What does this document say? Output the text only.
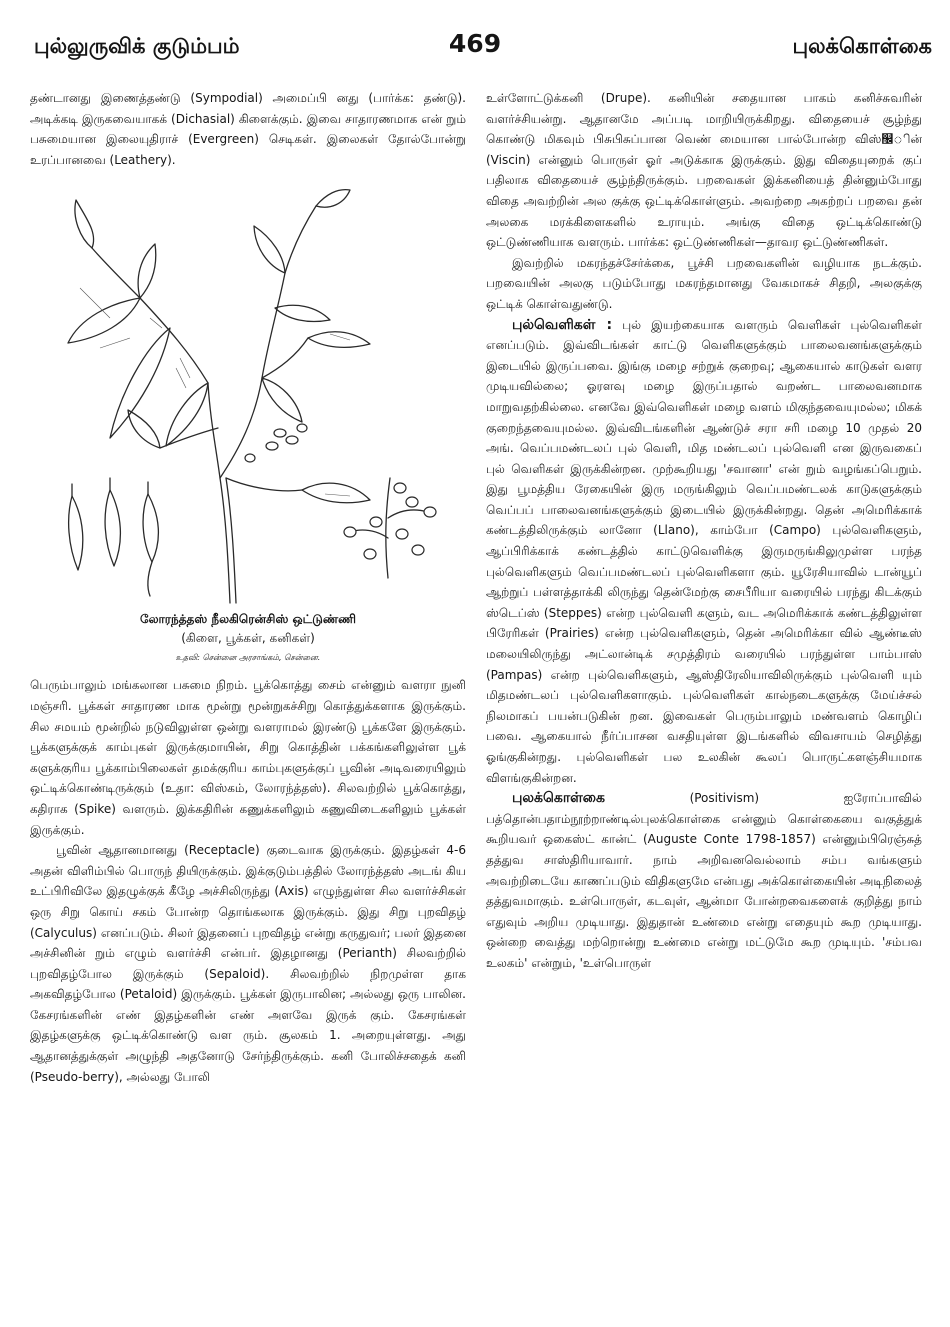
புல்லுருவிக் குடும்பம்	469	புலக்கொள்கை

தண்டானது இணைத்தண்டு (Sympodial) அமைப்பி னது (பார்க்க: தண்டு). அடிக்கடி இருகவையாகக் (Dichasial) கிளைக்கும். இவை சாதாரணமாக என் றும் பசுமையான இலையுதிராச் (Evergreen) செடிகள். இலைகள் தோல்போன்று உரப்பானவை (Leathery).

லோரந்த்தஸ் நீலகிரென்சிஸ் ஒட்டுண்ணி
(கிளை, பூக்கள், கனிகள்)
உதவி: சென்னை அரசாங்கம், சென்னை.

பெரும்பாலும் மங்கலான பசுமை நிறம். பூக்கொத்து சைம் என்னும் வளரா நுனி மஞ்சரி. பூக்கள் சாதாரண மாக மூன்று மூன்றுகச்சிறு கொத்துக்களாக இருக்கும். சில சமயம் மூன்றில் நடுவிலுள்ள ஒன்று வளராமல் இரண்டு பூக்களே இருக்கும். பூக்களுக்குக் காம்புகள் இருக்குமாயின், சிறு கொத்தின் பக்கங்களிலுள்ள பூக் களுக்குரிய பூக்காம்பிலைகள் தமக்குரிய காம்புகளுக்குப் பூவின் அடிவரையிலும் ஒட்டிக்கொண்டிருக்கும் (உதா: விஸ்கம், லோரந்த்தஸ்). சிலவற்றில் பூக்கொத்து, கதிராக (Spike) வளரும். இக்கதிரின் கணுக்களிலும் கணுவிடைகளிலும் பூக்கள் இருக்கும்.

பூவின் ஆதானமானது (Receptacle) குடைவாக இருக்கும். இதழ்கள் 4-6 அதன் விளிம்பில் பொருந் தியிருக்கும். இக்குடும்பத்தில் லோரந்த்தஸ் அடங் கிய உட்பிரிவிலே இதழுக்குக் கீழே அச்சிலிருந்து (Axis) எழுந்துள்ள சில வளர்ச்சிகள் ஒரு சிறு கொய் சகம் போன்ற தொங்கலாக இருக்கும். இது சிறு புறவிதழ் (Calyculus) எனப்படும். சிலர் இதனைப் புறவிதழ் என்று கருதுவர்; பலர் இதனை அச்சினின் றும் எழும் வளர்ச்சி என்பர். இதழானது (Perianth) சிலவற்றில் புறவிதழ்போல இருக்கும் (Sepaloid). சிலவற்றில் நிறமுள்ள தாக அகவிதழ்போல (Petaloid) இருக்கும். பூக்கள் இருபாலின; அல்லது ஒரு பாலின. கேசரங்களின் எண் இதழ்களின் எண் அளவே இருக் கும். கேசரங்கள் இதழ்களுக்கு ஒட்டிக்கொண்டு வள ரும். சூலகம் 1. அறையுள்ளது. அது ஆதானத்துக்குள் அழுந்தி அதனோடு சேர்ந்திருக்கும். கனி போலிச்சதைக் கனி (Pseudo-berry), அல்லது போலி

உள்ளோட்டுக்கனி (Drupe). கனியின் சதையான பாகம் கனிச்சுவரின் வளர்ச்சியன்று. ஆதானமே அப்படி மாறியிருக்கிறது. விதையைச் சூழ்ந்து கொண்டு மிகவும் பிசுபிசுப்பான வெண் மையான பால்போன்ற விஸ்஼ின் (Viscin) என்னும் பொருள் ஓர் அடுக்காக இருக்கும். இது விதையுறைக் குப் பதிலாக விதையைச் சூழ்ந்திருக்கும். பறவைகள் இக்கனியைத் தின்னும்போது விதை அவற்றின் அல குக்கு ஒட்டிக்கொள்ளும். அவற்றை அகற்றப் பறவை தன் அலகை மரக்கிளைகளில் உராயும். அங்கு விதை ஒட்டிக்கொண்டு ஒட்டுண்ணியாக வளரும். பார்க்க: ஒட்டுண்ணிகள்—தாவர ஒட்டுண்ணிகள்.

இவற்றில் மகரந்தச்சேர்க்கை, பூச்சி பறவைகளின் வழியாக நடக்கும். பறவையின் அலகு படும்போது மகரந்தமானது வேகமாகச் சிதறி, அலகுக்கு ஒட்டிக் கொள்வதுண்டு.

புல்வெளிகள் : புல் இயற்கையாக வளரும் வெளிகள் புல்வெளிகள் எனப்படும். இவ்விடங்கள் காட்டு வெளிகளுக்கும் பாலைவனங்களுக்கும் இடையில் இருப்பவை. இங்கு மழை சற்றுக் குறைவு; ஆகையால் காடுகள் வளர முடியவில்லை; ஓரளவு மழை இருப்பதால் வறண்ட பாலைவனமாக மாறுவதற்கில்லை. எனவே இவ்வெளிகள் மழை வளம் மிகுந்தவையுமல்ல; மிகக் குறைந்தவையுமல்ல. இவ்விடங்களின் ஆண்டுச் சரா சரி மழை 10 முதல் 20 அங். வெப்பமண்டலப் புல் வெளி, மித மண்டலப் புல்வெளி என இருவகைப் புல் வெளிகள் இருக்கின்றன. முற்கூறியது 'சவானா' என் றும் வழங்கப்பெறும். இது பூமத்திய ரேகையின் இரு மருங்கிலும் வெப்பமண்டலக் காடுகளுக்கும் வெப்பப் பாலைவனங்களுக்கும் இடையில் இருக்கின்றது. தென் அமெரிக்காக் கண்டத்திலிருக்கும் லானோ (Llano), காம்போ (Campo) புல்வெளிகளும், ஆப்பிரிக்காக் கண்டத்தில் காட்டுவெளிக்கு இருமருங்கிலுமுள்ள பரந்த புல்வெளிகளும் வெப்பமண்டலப் புல்வெளிகளா கும். யூரேசியாவில் டான்யூப் ஆற்றுப் பள்ளத்தாக்கி லிருந்து தென்மேற்கு சைபீரியா வரையில் பரந்து கிடக்கும் ஸ்டெப்ஸ் (Steppes) என்ற புல்வெளி களும், வட அமெரிக்காக் கண்டத்திலுள்ள பிரேரிகள் (Prairies) என்ற புல்வெளிகளும், தென் அமெரிக்கா வில் ஆண்டீஸ் மலையிலிருந்து அட்லான்டிக் சமுத்திரம் வரையில் பரந்துள்ள பாம்பாஸ் (Pampas) என்ற புல்வெளிகளும், ஆஸ்திரேலியாவிலிருக்கும் புல்வெளி யும் மிதமண்டலப் புல்வெளிகளாகும். புல்வெளிகள் கால்நடைகளுக்கு மேய்ச்சல் நிலமாகப் பயன்படுகின் றன. இவைகள் பெரும்பாலும் மண்வளம் கொழிப் பவை. ஆகையால் நீர்ப்பாசன வசதியுள்ள இடங்களில் விவசாயம் செழித்து ஓங்குகின்றது. புல்வெளிகள் பல உலகின் கூலப் பொருட்களஞ்சியமாக விளங்குகின்றன.

புலக்கொள்கை	(Positivism) ஐரோப்பாவில் பத்தொன்பதாம்நூற்றாண்டில்புலக்கொள்கை என்னும் கொள்கையை வகுத்துக் கூறியவர் ஒகைஸ்ட் கான்ட் (Auguste Conte 1798-1857) என்னும்பிரெஞ்சுத் தத்துவ சாஸ்திரியாவார். நாம் அறிவனவெல்லாம் சம்ப வங்களும் அவற்றிடையே காணப்படும் விதிகளுமே என்பது அக்கொள்கையின் அடிநிலைத் தத்துவமாகும். உள்பொருள், கடவுள், ஆன்மா போன்றவைகளைக் குறித்து நாம் எதுவும் அறிய முடியாது. இதுதான் உண்மை என்று எதையும் கூற முடியாது. ஒன்றை வைத்து மற்றொன்று உண்மை என்று மட்டுமே கூற முடியும். 'சம்பவ உலகம்' என்றும், 'உள்பொருள்
